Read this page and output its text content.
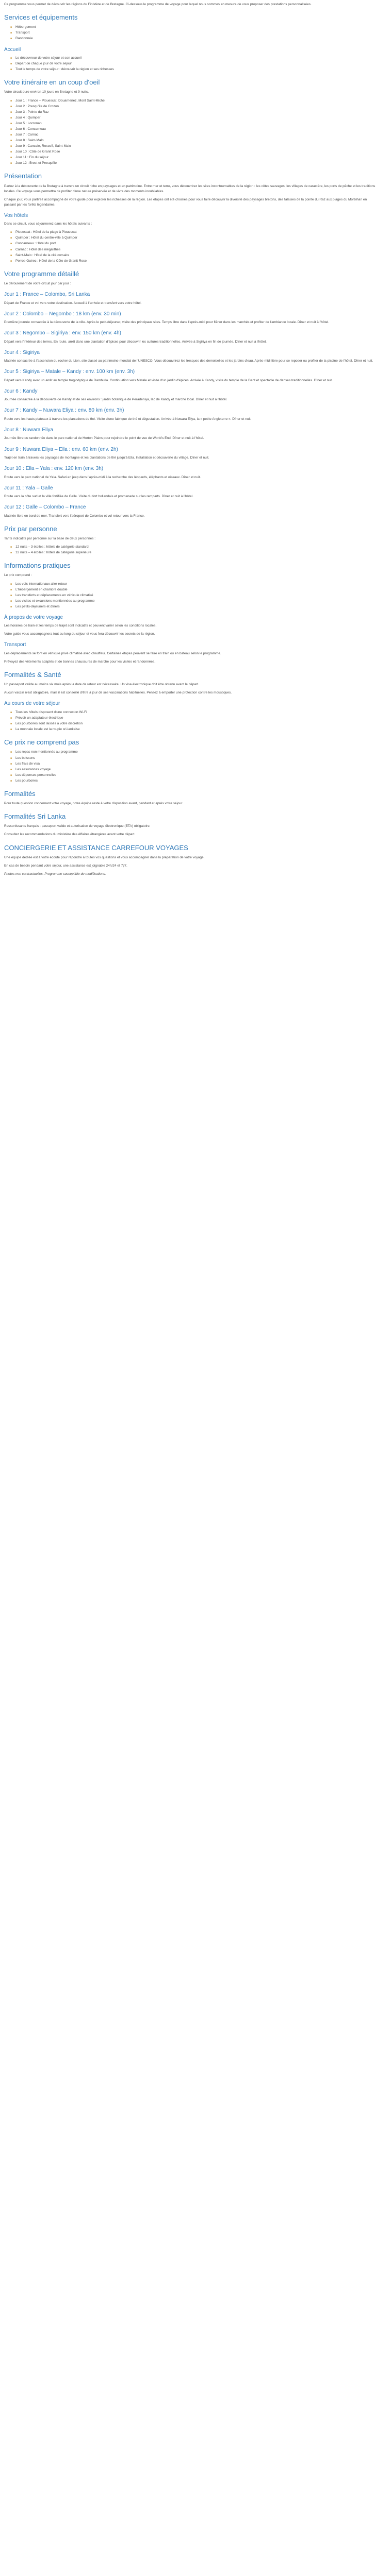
Ce programme vous permet de découvrir les régions du Finistère et de Bretagne. Ci-dessous le programme de voyage pour lequel nous sommes en mesure de vous proposer des prestations personnalisées.

Services et équipements
■ Hébergement
■ Transport
■ Randonnée
Accueil
■ Le découvreur de votre séjour et son accueil
■ Départ de chaque jour de votre séjour
■ Tout le temps de votre séjour : découvrir la région et ses richesses
Votre itinéraire en un coup d'oeil

Votre circuit dure environ 10 jours en Bretagne et 9 nuits.

■ Jour 1 : France – Plouescat, Douarnenez, Mont Saint-Michel
■ Jour 2 : Presqu'île de Crozon
■ Jour 3 : Pointe du Raz
■ Jour 4 : Quimper
■ Jour 5 : Locronan
■ Jour 6 : Concarneau
■ Jour 7 : Carnac
■ Jour 8 : Saint-Malo
■ Jour 9 : Cancale, Roscoff, Saint-Malo
■ Jour 10 : Côte de Granit Rose
■ Jour 11 : Fin du séjour
■ Jour 12 : Brest et Presqu'île
Présentation

Partez à la découverte de la Bretagne à travers un circuit riche en paysages et en patrimoine. Entre mer et terre, vous découvrirez les sites incontournables de la région : les côtes sauvages, les villages de caractère, les ports de pêche et les traditions locales. Ce voyage vous permettra de profiter d'une nature préservée et de vivre des moments inoubliables.

Chaque jour, vous partirez accompagné de votre guide pour explorer les richesses de la région. Les étapes ont été choisies pour vous faire découvrir la diversité des paysages bretons, des falaises de la pointe du Raz aux plages du Morbihan en passant par les forêts légendaires.

Vos hôtels

Dans ce circuit, vous séjournerez dans les hôtels suivants :

■ Plouescat : Hôtel de la plage à Plouescat
■ Quimper : Hôtel du centre-ville à Quimper
■ Concarneau : Hôtel du port
■ Carnac : Hôtel des mégalithes
■ Saint-Malo : Hôtel de la cité corsaire
■ Perros-Guirec : Hôtel de la Côte de Granit Rose
Votre programme détaillé

Le déroulement de votre circuit jour par jour :

Jour 1 : France – Colombo, Sri Lanka

Départ de France et vol vers votre destination. Accueil à l'arrivée et transfert vers votre hôtel.

Jour 2 : Colombo – Negombo : 18 km (env. 30 min)

Première journée consacrée à la découverte de la ville. Après le petit-déjeuner, visite des principaux sites. Temps libre dans l'après-midi pour flâner dans les marchés et profiter de l'ambiance locale. Dîner et nuit à l'hôtel.

Jour 3 : Negombo – Sigiriya : env. 150 km (env. 4h)

Départ vers l'intérieur des terres. En route, arrêt dans une plantation d'épices pour découvrir les cultures traditionnelles. Arrivée à Sigiriya en fin de journée. Dîner et nuit à l'hôtel.

Jour 4 : Sigiriya

Matinée consacrée à l'ascension du rocher du Lion, site classé au patrimoine mondial de l'UNESCO. Vous découvrirez les fresques des demoiselles et les jardins d'eau. Après-midi libre pour se reposer ou profiter de la piscine de l'hôtel. Dîner et nuit.

Jour 5 : Sigiriya – Matale – Kandy : env. 100 km (env. 3h)

Départ vers Kandy avec un arrêt au temple troglodytique de Dambulla. Continuation vers Matale et visite d'un jardin d'épices. Arrivée à Kandy, visite du temple de la Dent et spectacle de danses traditionnelles. Dîner et nuit.

Jour 6 : Kandy

Journée consacrée à la découverte de Kandy et de ses environs : jardin botanique de Peradeniya, lac de Kandy et marché local. Dîner et nuit à l'hôtel.

Jour 7 : Kandy – Nuwara Eliya : env. 80 km (env. 3h)

Route vers les hauts plateaux à travers les plantations de thé. Visite d'une fabrique de thé et dégustation. Arrivée à Nuwara Eliya, la « petite Angleterre ». Dîner et nuit.

Jour 8 : Nuwara Eliya

Journée libre ou randonnée dans le parc national de Horton Plains pour rejoindre le point de vue de World's End. Dîner et nuit à l'hôtel.

Jour 9 : Nuwara Eliya – Ella : env. 60 km (env. 2h)

Trajet en train à travers les paysages de montagne et les plantations de thé jusqu'à Ella. Installation et découverte du village. Dîner et nuit.

Jour 10 : Ella – Yala : env. 120 km (env. 3h)

Route vers le parc national de Yala. Safari en jeep dans l'après-midi à la recherche des léopards, éléphants et oiseaux. Dîner et nuit.

Jour 11 : Yala – Galle

Route vers la côte sud et la ville fortifiée de Galle. Visite du fort hollandais et promenade sur les remparts. Dîner et nuit à l'hôtel.

Jour 12 : Galle – Colombo – France

Matinée libre en bord de mer. Transfert vers l'aéroport de Colombo et vol retour vers la France.

Prix par personne

Tarifs indicatifs par personne sur la base de deux personnes :

■ 12 nuits – 3 étoiles : hôtels de catégorie standard
■ 12 nuits – 4 étoiles : hôtels de catégorie supérieure
Informations pratiques

Le prix comprend :

■ Les vols internationaux aller-retour
■ L'hébergement en chambre double
■ Les transferts et déplacements en véhicule climatisé
■ Les visites et excursions mentionnées au programme
■ Les petits-déjeuners et dîners
À propos de votre voyage

Les horaires de train et les temps de trajet sont indicatifs et peuvent varier selon les conditions locales.

Votre guide vous accompagnera tout au long du séjour et vous fera découvrir les secrets de la région.

Transport

Les déplacements se font en véhicule privé climatisé avec chauffeur. Certaines étapes peuvent se faire en train ou en bateau selon le programme.

Prévoyez des vêtements adaptés et de bonnes chaussures de marche pour les visites et randonnées.

Formalités & Santé

Un passeport valide au moins six mois après la date de retour est nécessaire. Un visa électronique doit être obtenu avant le départ.

Aucun vaccin n'est obligatoire, mais il est conseillé d'être à jour de ses vaccinations habituelles. Pensez à emporter une protection contre les moustiques.

Au cours de votre séjour
■ Tous les hôtels disposent d'une connexion Wi-Fi
■ Prévoir un adaptateur électrique
■ Les pourboires sont laissés à votre discrétion
■ La monnaie locale est la roupie sri-lankaise
Ce prix ne comprend pas
■ Les repas non mentionnés au programme
■ Les boissons
■ Les frais de visa
■ Les assurances voyage
■ Les dépenses personnelles
■ Les pourboires
Formalités

Pour toute question concernant votre voyage, notre équipe reste à votre disposition avant, pendant et après votre séjour.

Formalités Sri Lanka

Ressortissants français : passeport valide et autorisation de voyage électronique (ETA) obligatoire.

Consultez les recommandations du ministère des Affaires étrangères avant votre départ.

CONCIERGERIE ET ASSISTANCE CARREFOUR VOYAGES

Une équipe dédiée est à votre écoute pour répondre à toutes vos questions et vous accompagner dans la préparation de votre voyage.

En cas de besoin pendant votre séjour, une assistance est joignable 24h/24 et 7j/7.

Photos non contractuelles. Programme susceptible de modifications.
